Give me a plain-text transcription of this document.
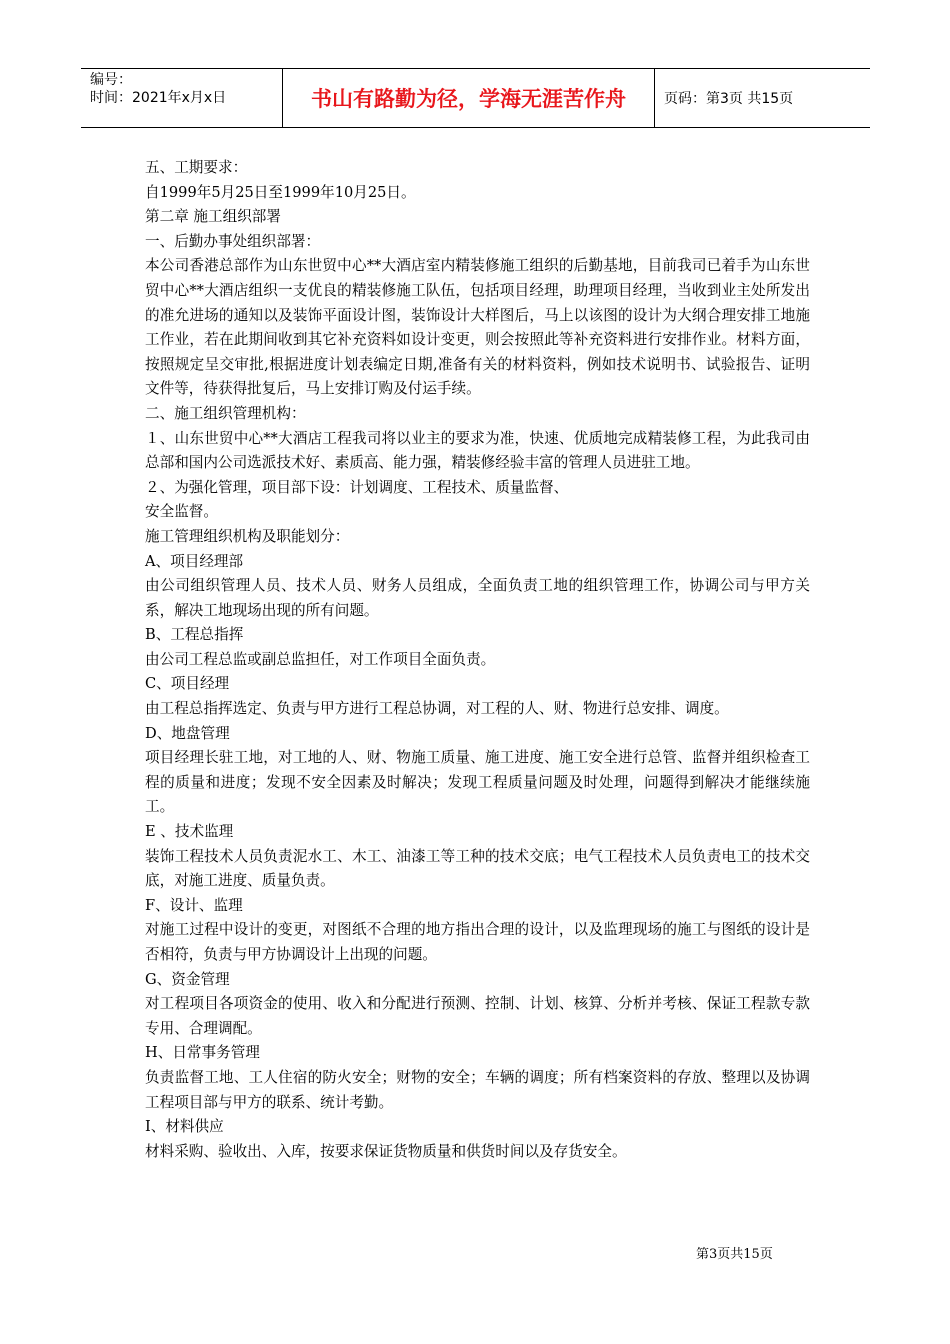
编号：
时间：2021年x月x日	书山有路勤为径，学海无涯苦作舟	页码：第3页 共15页

五、工期要求：

自1999年5月25日至1999年10月25日。

第二章 施工组织部署

一、后勤办事处组织部署：

本公司香港总部作为山东世贸中心**大酒店室内精装修施工组织的后勤基地，目前我司已着手为山东世贸中心**大酒店组织一支优良的精装修施工队伍，包括项目经理，助理项目经理，当收到业主处所发出的准允进场的通知以及装饰平面设计图，装饰设计大样图后，马上以该图的设计为大纲合理安排工地施工作业，若在此期间收到其它补充资料如设计变更，则会按照此等补充资料进行安排作业。材料方面，按照规定呈交审批,根据进度计划表编定日期,准备有关的材料资料，例如技术说明书、试验报告、证明文件等，待获得批复后，马上安排订购及付运手续。

二、施工组织管理机构：

１、山东世贸中心**大酒店工程我司将以业主的要求为准，快速、优质地完成精装修工程，为此我司由总部和国内公司选派技术好、素质高、能力强，精装修经验丰富的管理人员进驻工地。

２、为强化管理，项目部下设：计划调度、工程技术、质量监督、

安全监督。

施工管理组织机构及职能划分：

A、项目经理部

由公司组织管理人员、技术人员、财务人员组成，全面负责工地的组织管理工作，协调公司与甲方关系，解决工地现场出现的所有问题。

B、工程总指挥

由公司工程总监或副总监担任，对工作项目全面负责。

C、项目经理

由工程总指挥选定、负责与甲方进行工程总协调，对工程的人、财、物进行总安排、调度。

D、地盘管理

项目经理长驻工地，对工地的人、财、物施工质量、施工进度、施工安全进行总管、监督并组织检查工程的质量和进度；发现不安全因素及时解决；发现工程质量问题及时处理，问题得到解决才能继续施工。

E 、技术监理

装饰工程技术人员负责泥水工、木工、油漆工等工种的技术交底；电气工程技术人员负责电工的技术交底，对施工进度、质量负责。

F、设计、监理

对施工过程中设计的变更，对图纸不合理的地方指出合理的设计，以及监理现场的施工与图纸的设计是否相符，负责与甲方协调设计上出现的问题。

G、资金管理

对工程项目各项资金的使用、收入和分配进行预测、控制、计划、核算、分析并考核、保证工程款专款专用、合理调配。

H、日常事务管理

负责监督工地、工人住宿的防火安全；财物的安全；车辆的调度；所有档案资料的存放、整理以及协调工程项目部与甲方的联系、统计考勤。

I、材料供应

材料采购、验收出、入库，按要求保证货物质量和供货时间以及存货安全。

第3页共15页
